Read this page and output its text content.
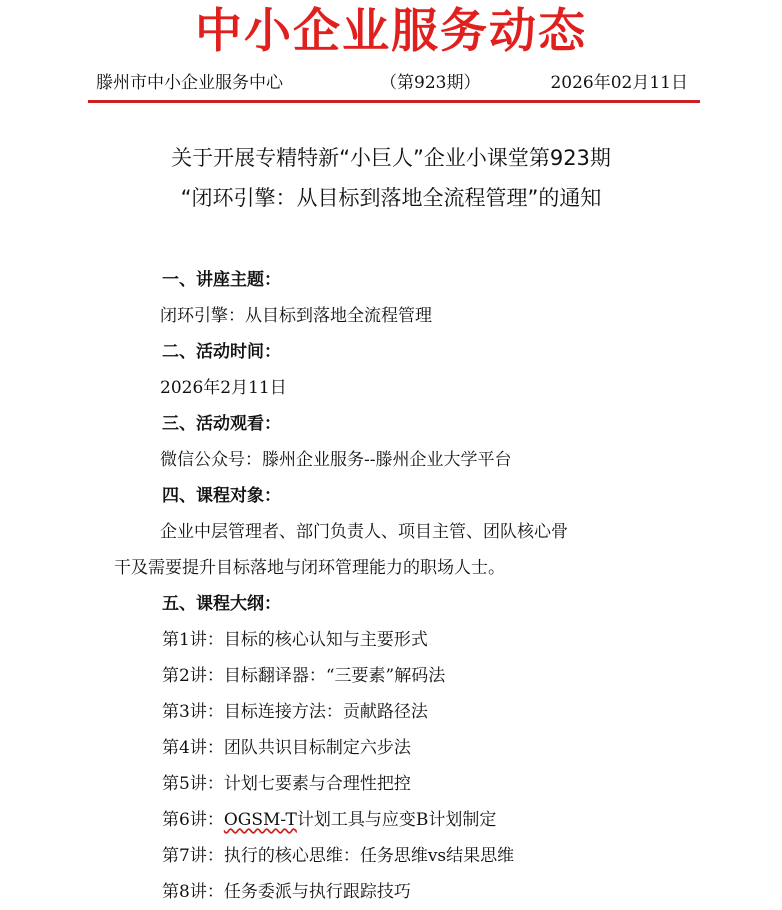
中小企业服务动态
滕州市中小企业服务中心	（第923期）	2026年02月11日
关于开展专精特新“小巨人”企业小课堂第923期
“闭环引擎：从目标到落地全流程管理”的通知
一、讲座主题：
闭环引擎：从目标到落地全流程管理
二、活动时间：
2026年2月11日
三、活动观看：
微信公众号：滕州企业服务--滕州企业大学平台
四、课程对象：
企业中层管理者、部门负责人、项目主管、团队核心骨
干及需要提升目标落地与闭环管理能力的职场人士。
五、课程大纲：
第1讲：目标的核心认知与主要形式
第2讲：目标翻译器：“三要素”解码法
第3讲：目标连接方法：贡献路径法
第4讲：团队共识目标制定六步法
第5讲：计划七要素与合理性把控
第6讲：OGSM-T计划工具与应变B计划制定
第7讲：执行的核心思维：任务思维vs结果思维
第8讲：任务委派与执行跟踪技巧
